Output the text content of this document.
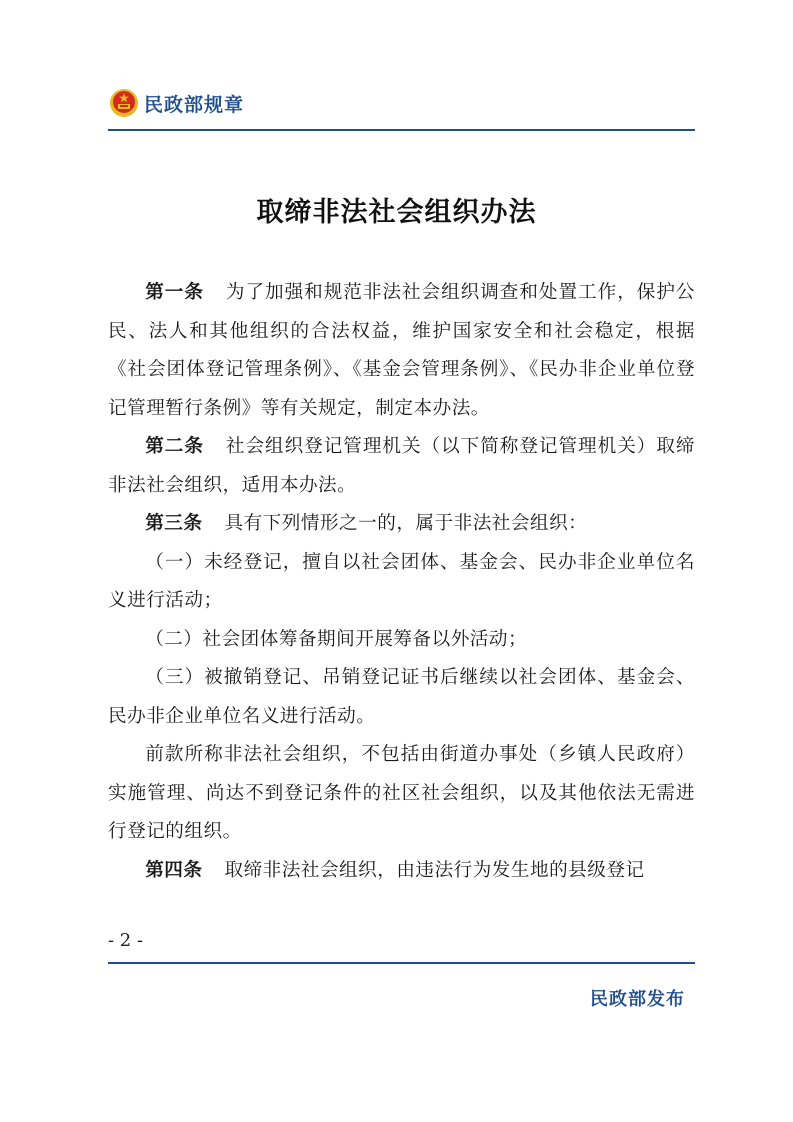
民政部规章
取缔非法社会组织办法

第一条 为了加强和规范非法社会组织调查和处置工作，保护公民、法人和其他组织的合法权益，维护国家安全和社会稳定，根据《社会团体登记管理条例》、《基金会管理条例》、《民办非企业单位登记管理暂行条例》等有关规定，制定本办法。

第二条 社会组织登记管理机关（以下简称登记管理机关）取缔非法社会组织，适用本办法。

第三条 具有下列情形之一的，属于非法社会组织：

（一）未经登记，擅自以社会团体、基金会、民办非企业单位名义进行活动；

（二）社会团体筹备期间开展筹备以外活动；

（三）被撤销登记、吊销登记证书后继续以社会团体、基金会、民办非企业单位名义进行活动。

前款所称非法社会组织，不包括由街道办事处（乡镇人民政府）实施管理、尚达不到登记条件的社区社会组织，以及其他依法无需进行登记的组织。

第四条 取缔非法社会组织，由违法行为发生地的县级登记

- 2 -
民政部发布
